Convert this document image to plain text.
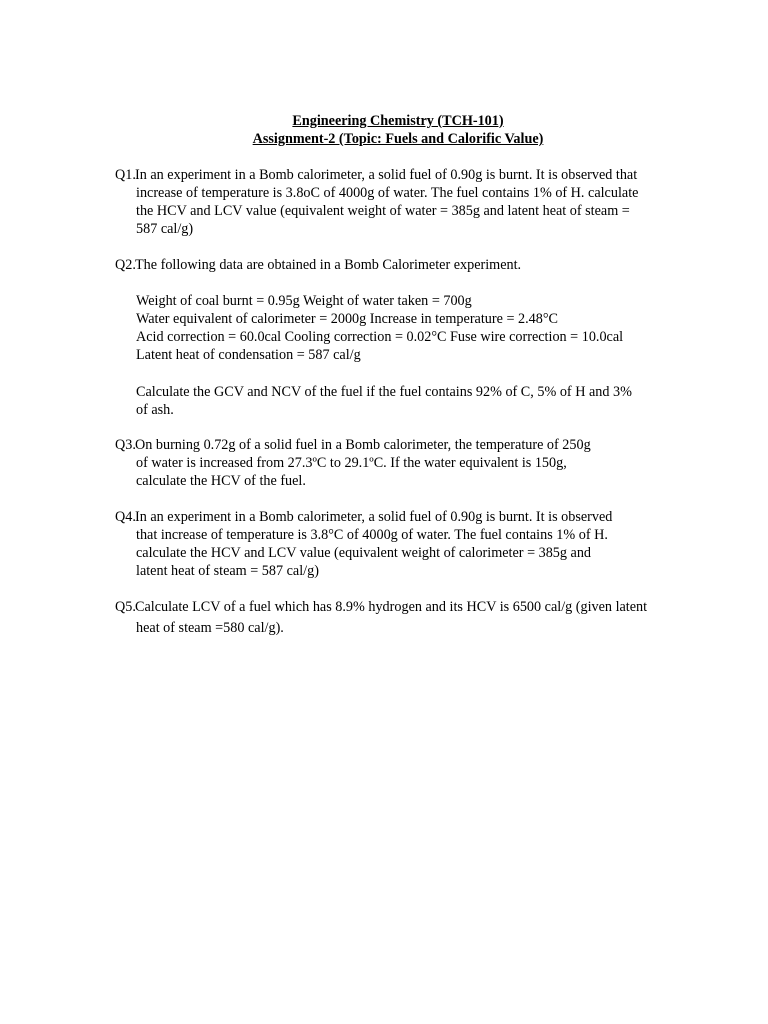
Engineering Chemistry (TCH-101)
Assignment-2 (Topic: Fuels and Calorific Value)
Q1. In an experiment in a Bomb calorimeter, a solid fuel of 0.90g is burnt. It is observed that
increase of temperature is 3.8oC of 4000g of water. The fuel contains 1% of H. calculate
the HCV and LCV value (equivalent weight of water = 385g and latent heat of steam =
587 cal/g)
Q2. The following data are obtained in a Bomb Calorimeter experiment.
Weight of coal burnt = 0.95g Weight of water taken = 700g
Water equivalent of calorimeter = 2000g Increase in temperature = 2.48°C
Acid correction = 60.0cal Cooling correction = 0.02°C Fuse wire correction = 10.0cal
Latent heat of condensation = 587 cal/g
Calculate the GCV and NCV of the fuel if the fuel contains 92% of C, 5% of H and 3%
of ash.
Q3. On burning 0.72g of a solid fuel in a Bomb calorimeter, the temperature of 250g
of water is increased from 27.3ºC to 29.1ºC. If the water equivalent is 150g,
calculate the HCV of the fuel.
Q4. In an experiment in a Bomb calorimeter, a solid fuel of 0.90g is burnt. It is observed
that increase of temperature is 3.8°C of 4000g of water. The fuel contains 1% of H.
calculate the HCV and LCV value (equivalent weight of calorimeter = 385g and
latent heat of steam = 587 cal/g)
Q5. Calculate LCV of a fuel which has 8.9% hydrogen and its HCV is 6500 cal/g (given latent
heat of steam =580 cal/g).
